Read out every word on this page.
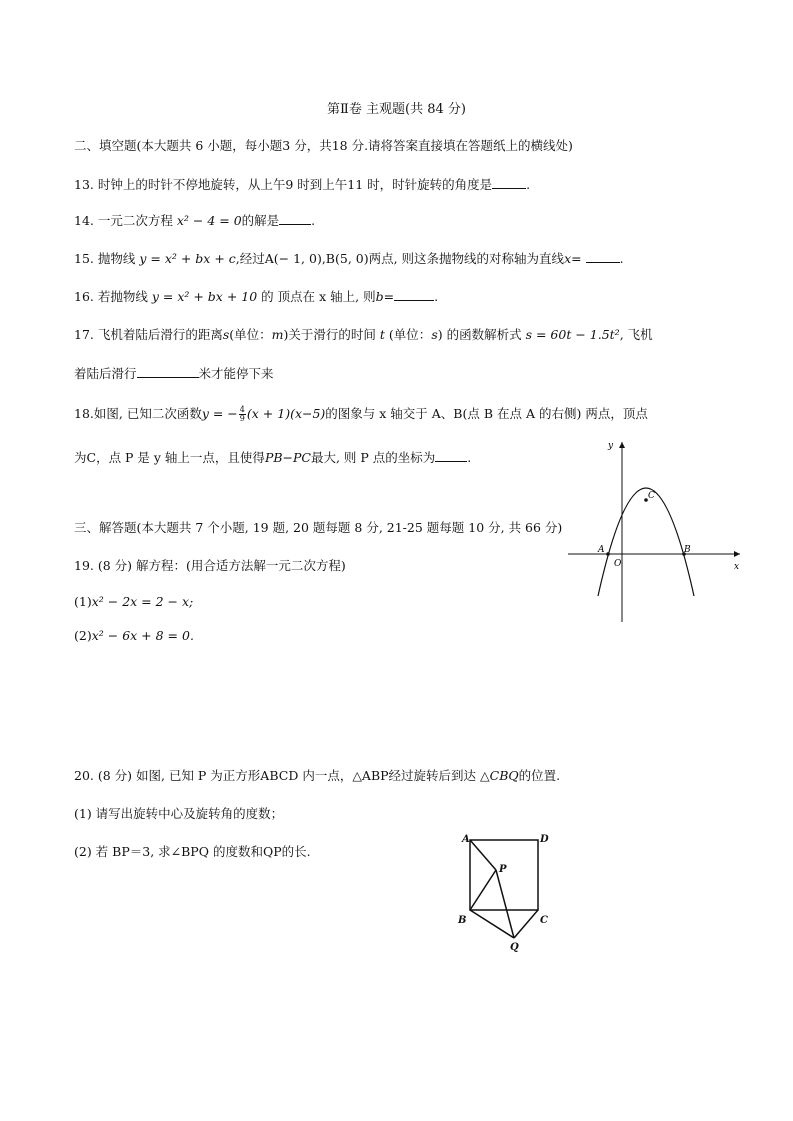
第Ⅱ卷 主观题(共 84 分)
二、填空题(本大题共 6 小题，每小题3 分，共18 分.请将答案直接填在答题纸上的横线处)
13. 时钟上的时针不停地旋转，从上午9 时到上午11 时，时针旋转的角度是	.
14. 一元二次方程 x² − 4 = 0的解是	.
15. 抛物线 y = x² + bx + c,经过A(− 1, 0),B(5, 0)两点, 则这条抛物线的对称轴为直线x=	.
16. 若抛物线 y = x² + bx + 10 的 顶点在 x 轴上, 则b=	.
17. 飞机着陆后滑行的距离s(单位：m)关于滑行的时间 t (单位：s) 的函数解析式 s = 60t − 1.5t², 飞机
着陆后滑行	米才能停下来
18.如图, 已知二次函数y = − $\frac{4}{9} (x + 1)(x-5)$的图象与 x 轴交于 A、B(点 B 在点 A 的右侧) 两点，顶点
为C，点 P 是 y 轴上一点，且使得PB−PC最大, 则 P 点的坐标为	.
y
x
C
A
O
B
三、解答题(本大题共 7 个小题, 19 题, 20 题每题 8 分, 21-25 题每题 10 分, 共 66 分)
19. (8 分) 解方程：(用合适方法解一元二次方程)
(1)x² − 2x = 2 − x;
(2)x² − 6x + 8 = 0.
20. (8 分) 如图, 已知 P 为正方形ABCD 内一点，△ABP经过旋转后到达 △CBQ的位置.
(1) 请写出旋转中心及旋转角的度数；
(2) 若 BP＝3, 求∠BPQ 的度数和QP的长.
A	D
P
B	C
Q
